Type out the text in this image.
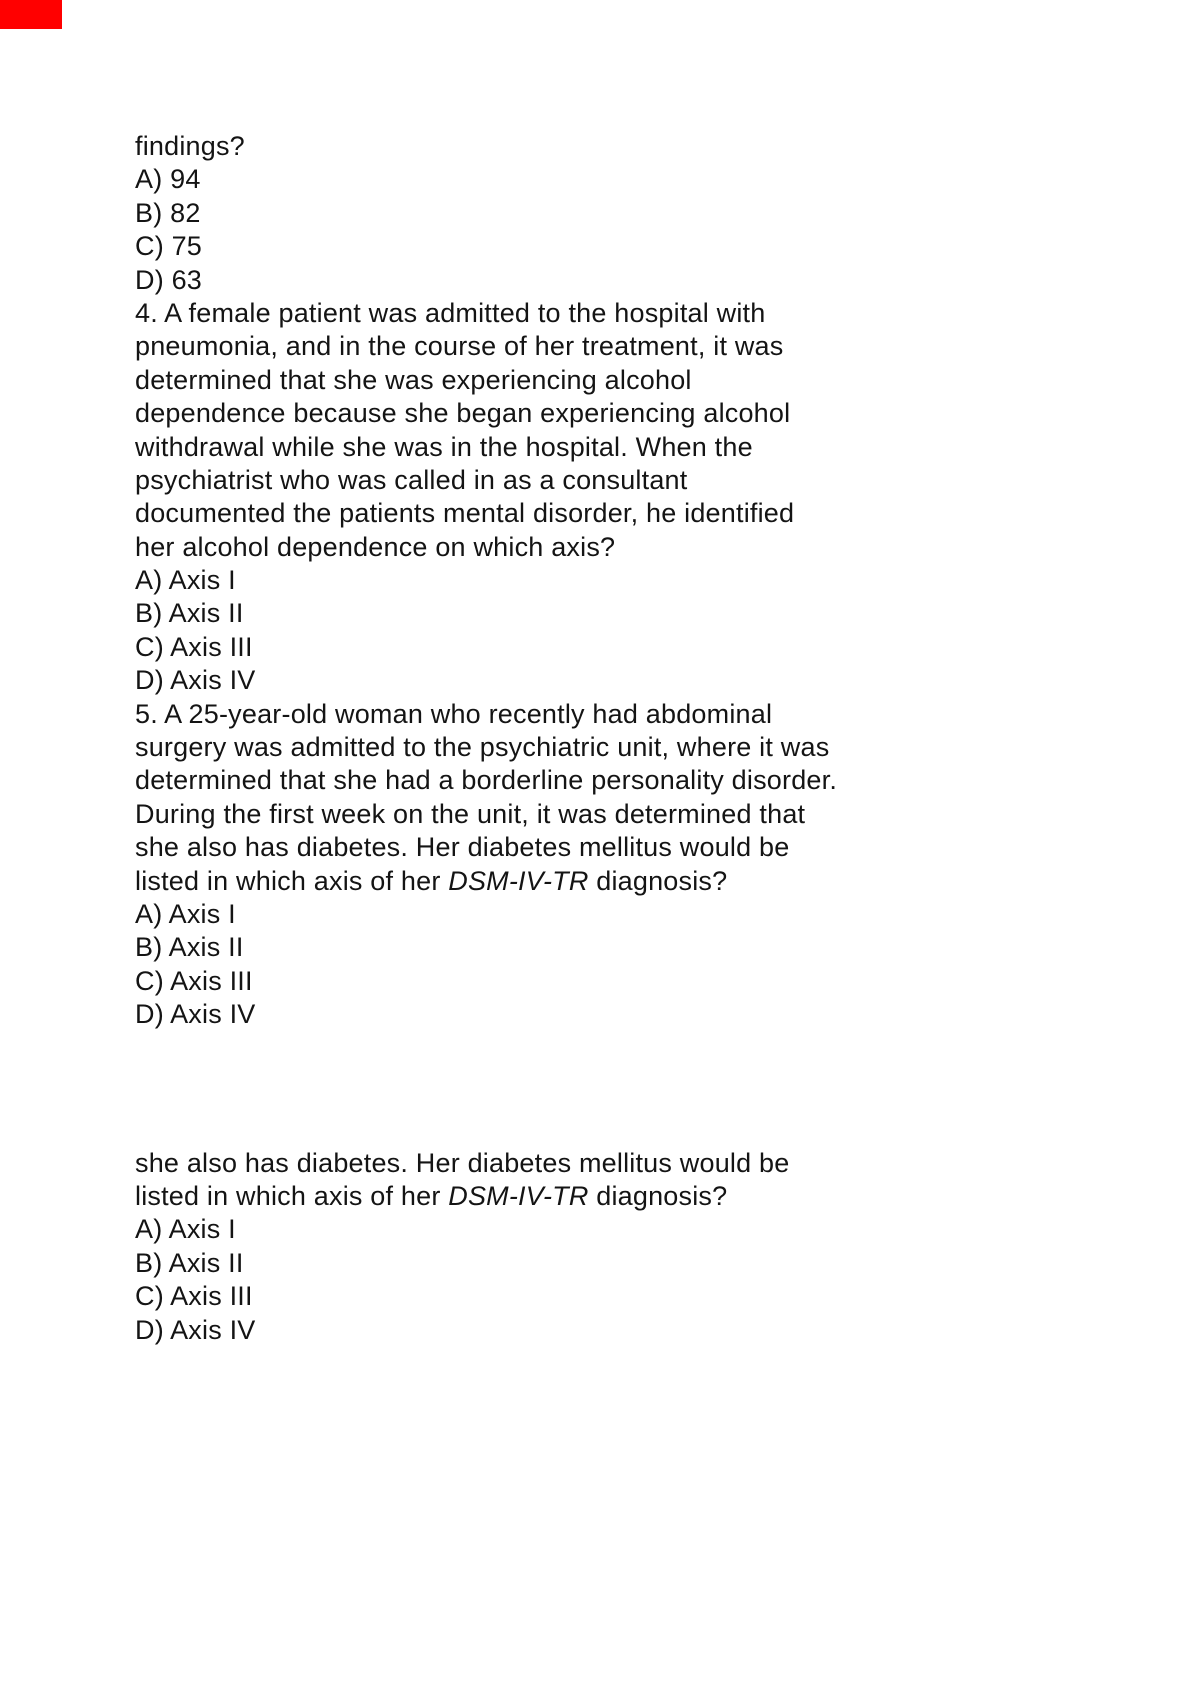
findings?
A) 94
B) 82
C) 75
D) 63
4. A female patient was admitted to the hospital with
pneumonia, and in the course of her treatment, it was
determined that she was experiencing alcohol
dependence because she began experiencing alcohol
withdrawal while she was in the hospital. When the
psychiatrist who was called in as a consultant
documented the patients mental disorder, he identified
her alcohol dependence on which axis?
A) Axis I
B) Axis II
C) Axis III
D) Axis IV
5. A 25-year-old woman who recently had abdominal
surgery was admitted to the psychiatric unit, where it was
determined that she had a borderline personality disorder.
During the first week on the unit, it was determined that
she also has diabetes. Her diabetes mellitus would be
listed in which axis of her DSM-IV-TR diagnosis?
A) Axis I
B) Axis II
C) Axis III
D) Axis IV
she also has diabetes. Her diabetes mellitus would be
listed in which axis of her DSM-IV-TR diagnosis?
A) Axis I
B) Axis II
C) Axis III
D) Axis IV
